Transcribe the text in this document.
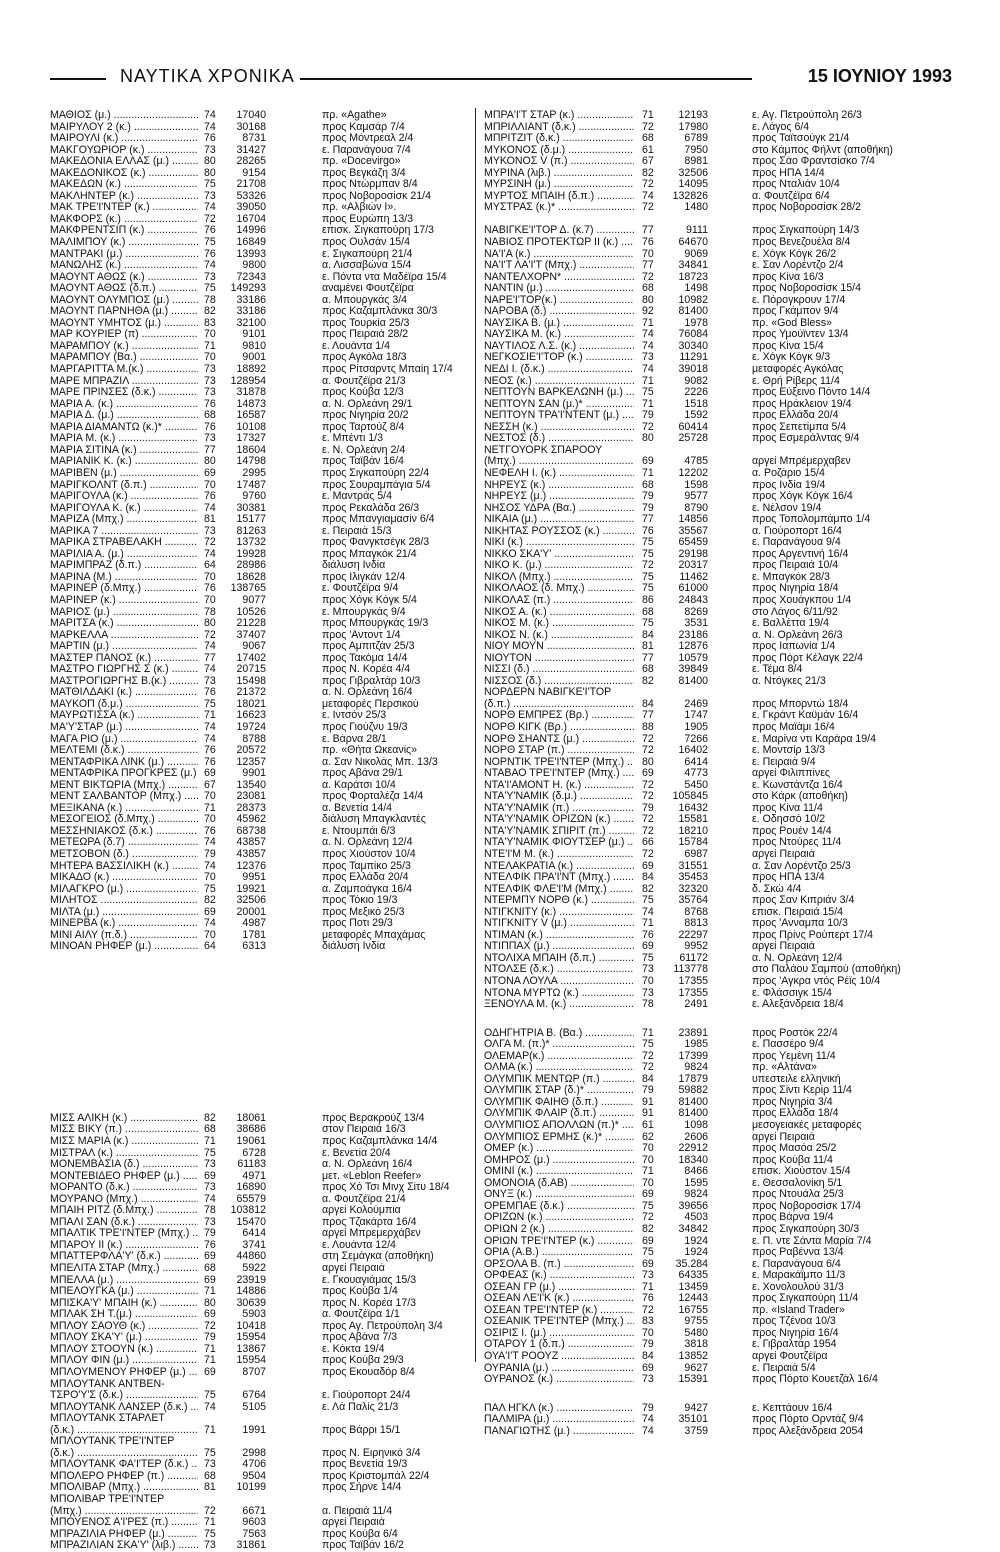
ΝΑΥΤΙΚΑ ΧΡΟΝΙΚΑ	15 ΙΟΥΝΙΟΥ 1993
ΜΑΘΙΟΣ (μ.) .....	74	17040	πρ. «Agathe»
ΜΑΙΡΥΛΟΥ 2 (κ.) .....	74	30168	προς Καμσάρ 7/4
ΜΑΙΡΟΥΛΙ (κ.) .....	76	8731	προς Μόντρεαλ 2/4
ΜΑΚΓΟΥΩΡΙΟΡ (κ.) .....	73	31427	ε. Παρανάγουα 7/4
ΜΑΚΕΔΟΝΙΑ ΕΛΛΑΣ (μ.) .....	80	28265	πρ. «Docevirgo»
ΜΑΚΕΔΟΝΙΚΟΣ (κ.) .....	80	9154	προς Βεγκάζη 3/4
ΜΑΚΕΔΩΝ (κ.) .....	75	21708	προς Ντώρμπαν 8/4
ΜΑΚΛΗΝΤΕΡ (κ.) .....	73	53326	προς Νοβοροσίσκ 21/4
ΜΑΚ ΤΡΕ'Ι'ΝΤΕΡ (κ.) .....	74	39050	πρ. «Αλβιών Ι».
ΜΑΚΦΟΡΣ (κ.) .....	72	16704	προς Ευρώπη 13/3
ΜΑΚΦΡΕΝΤΣΙΠ (κ.) .....	76	14996	επισκ. Σιγκαπούρη 17/3
ΜΑΛΙΜΠΟΥ (κ.) .....	75	16849	προς Ουλσάν 15/4
ΜΑΝΤΡΑΚΙ (μ.) .....	76	13993	ε. Σιγκαπούρη 21/4
ΜΑΝΩΛΗΣ (κ.) .....	74	9800	α. Λισσαβώνα 15/4
ΜΑΟΥΝΤ ΑΘΩΣ (κ.) .....	73	72343	ε. Πόντα ντα Μαδέϊρα 15/4
ΜΑΟΥΝΤ ΑΘΩΣ (δ.π.) .....	75	149293	αναμένει Φουτζέϊρα
ΜΑΟΥΝΤ ΟΛΥΜΠΟΣ (μ.) .....	78	33186	α. Μπουργκάς 3/4
ΜΑΟΥΝΤ ΠΑΡΝΗΘΑ (μ.) .....	82	33186	προς Καζαμπλάνκα 30/3
ΜΑΟΥΝΤ ΥΜΗΤΟΣ (μ.) .....	83	32100	προς Τουρκία 25/3
ΜΑΡ ΚΟΥΡΙΕΡ (π) .....	70	9101	προς Πειραιά 28/2
ΜΑΡΑΜΠΟΥ (κ.) .....	71	9810	ε. Λουάντα 1/4
ΜΑΡΑΜΠΟΥ (Βα.) .....	70	9001	προς Αγκόλα 18/3
ΜΑΡΓΑΡΙΤΤΑ Μ.(κ.) .....	73	18892	προς Ρίτσαρντς Μπαίη 17/4
ΜΑΡΕ ΜΠΡΑΖΙΛ .....	73	128954	α. Φουτζέϊρα 21/3
ΜΑΡΕ ΠΡΙΝΣΕΣ (δ.κ.) .....	73	31878	προς Κούβα 12/3
ΜΑΡΙΑ Α. (κ.) .....	76	14873	α. Ν. Ορλεάνη 29/1
ΜΑΡΙΑ Δ. (μ.) .....	68	16587	προς Νιγηρία 20/2
ΜΑΡΙΑ ΔΙΑΜΑΝΤΩ (κ.)* .....	76	10108	προς Ταρτούζ 8/4
ΜΑΡΙΑ Μ. (κ.) .....	73	17327	ε. Μπέντι 1/3
ΜΑΡΙΑ ΣΙΤΙΝΑ (κ.) .....	77	18604	ε. Ν. Ορλεάνη 2/4
ΜΑΡΙΑΝΙΚ Κ. (κ.) .....	80	14798	προς Ταϊβάν 16/4
ΜΑΡΙΒΕΝ (μ.) .....	69	2995	προς Σιγκαπούρη 22/4
ΜΑΡΙΓΚΟΛΝΤ (δ.π.) .....	70	17487	προς Σουραμπάγια 5/4
ΜΑΡΙΓΟΥΛΑ (κ.) .....	76	9760	ε. Μαντράς 5/4
ΜΑΡΙΓΟΥΛΑ Κ. (κ.) .....	74	30381	προς Ρεκαλάδα 26/3
ΜΑΡΙΖΑ (Μπχ.) .....	81	15177	προς Μπανγιαμασίν 6/4
ΜΑΡΙΚΑ 7 .....	73	81263	ε. Πειραιά 15/3
ΜΑΡΙΚΑ ΣΤΡΑΒΕΛΑΚΗ .....	72	13732	προς Φανγκτσέγκ 28/3
ΜΑΡΙΛΙΑ Α. (μ.) .....	74	19928	προς Μπαγκόκ 21/4
ΜΑΡΙΜΠΡΑΖ (δ.π.) .....	64	28986	διάλυση Ινδία
ΜΑΡΙΝΑ (Μ.) .....	70	18628	προς Ιλιγκάν 12/4
ΜΑΡΙΝΕΡ (δ.Μπχ.) .....	76	138765	ε. Φουτζέϊρα 9/4
ΜΑΡΙΝΕΡ (κ.) .....	70	9077	προς Χόγκ Κόγκ 5/4
ΜΑΡΙΟΣ (μ.) .....	78	10526	ε. Μπουργκάς 9/4
ΜΑΡΙΤΣΑ (κ.) .....	80	21228	προς Μπουργκάς 19/3
ΜΑΡΚΕΛΛΑ .....	72	37407	προς 'Αντοντ 1/4
ΜΑΡΤΙΝ (μ.) .....	74	9067	προς Αμπιτζάν 25/3
ΜΑΣΤΕΡ ΠΑΝΟΣ (κ.) .....	77	17402	προς Τακόμα 14/4
ΜΑΣΤΡΟ ΓΙΩΡΓΗΣ Σ (κ.) .....	74	20715	προς Ν. Κορέα 4/4
ΜΑΣΤΡΟΓΙΩΡΓΗΣ Β.(κ.) .....	73	15498	προς Γιβραλτάρ 10/3
ΜΑΤΘΙΛΔΑΚΙ (κ.) .....	76	21372	α. Ν. Ορλεάνη 16/4
ΜΑΥΚΟΠ (δ.μ.) .....	75	18021	μεταφορές Περσικού
ΜΑΥΡΩΤΙΣΣΑ (κ.) .....	71	16623	ε. Ιντσόν 25/3
ΜΑ'Υ'ΣΤΑΡ (μ.) .....	74	19724	προς Γιούζνυ 19/3
ΜΑΓΑ ΡΙΟ (μ.) .....	74	8788	ε. Βάρνα 28/1
ΜΕΛΤΕΜΙ (δ.κ.) .....	76	20572	πρ. «Θήτα Ωκεανίς»
ΜΕΝΤΑΦΡΙΚΑ ΛΙΝΚ (μ.) .....	76	12357	α. Σαν Νικολάς Μπ. 13/3
ΜΕΝΤΑΦΡΙΚΑ ΠΡΟΓΚΡΕΣ (μ.) ..... 69	9901	προς Αβάνα 29/1
ΜΕΝΤ ΒΙΚΤΩΡΙΑ (Μπχ.) .....	67	13540	α. Καράτσι 10/4
ΜΕΝΤ ΣΑΛΒΑΝΤΟΡ (Μπχ.) .....	70	23081	προς Φορταλέζα 14/4
ΜΕΞΙΚΑΝΑ (κ.) .....	71	28373	α. Βενετία 14/4
ΜΕΣΟΓΕΙΟΣ (δ.Μπχ.) .....	70	45962	διάλυση Μπαγκλαντές
ΜΕΣΣΗΝΙΑΚΟΣ (δ.κ.) .....	76	68738	ε. Ντουμπάι 6/3
ΜΕΤΕΩΡΑ (δ.7) .....	74	43857	α. Ν. Ορλεάνη 12/4
ΜΕΤΣΟΒΟΝ (δ.) .....	79	43857	προς Χιούστον 10/4
ΜΗΤΕΡΑ ΒΑΣΣΙΛΙΚΗ (κ.) .....	74	12376	προς Ταμπίκο 25/3
ΜΙΚΑΔΟ (κ.) .....	70	9951	προς Ελλάδα 20/4
ΜΙΛΑΓΚΡΟ (μ.) .....	75	19921	α. Ζαμποάγκα 16/4
ΜΙΛΗΤΟΣ .....	82	32506	προς Τόκιο 19/3
ΜΙΛΤΑ (μ.) .....	69	20001	προς Μεξικό 25/3
ΜΙΝΕΡΒΑ (κ.) .....	74	4987	προς Ποτι 29/3
ΜΙΝΙ ΑΙΛΥ (π.δ.) .....	70	1781	μεταφορές Μπαχάμας
ΜΙΝΟΑΝ ΡΗΦΕΡ (μ.) .....	64	6313	διάλυση Ινδία
ΜΙΣΣ ΑΛΙΚΗ (κ.) .....	82	18061	προς Βερακρούζ 13/4
ΜΙΣΣ ΒΙΚΥ (π.) .....	68	38686	στον Πειραιά 16/3
ΜΙΣΣ ΜΑΡΙΑ (κ.) .....	71	19061	προς Καζαμπλάνκα 14/4
ΜΙΣΤΡΑΛ (κ.) .....	75	6728	ε. Βενετία 20/4
ΜΟΝΕΜΒΑΣΙΑ (δ.) .....	73	61183	α. Ν. Ορλεάνη 16/4
ΜΟΝΤΕΒΙΔΕΟ ΡΗΦΕΡ (μ.) .....	69	4971	μετ. «Leblon Reefer»
ΜΟΡΑΝΤΟ (δ.κ.) .....	73	16890	προς Χό Τσι Μινχ Σίτυ 18/4
ΜΟΥΡΑΝΟ (Μπχ.) .....	74	65579	α. Φουτζέϊρα 21/4
ΜΠΑΙΗ ΡΙΤΖ (δ.Μπχ.) .....	78	103812	αργεί Κολούμπια
ΜΠΑΛΙ ΣΑΝ (δ.κ.) .....	73	15470	προς Τζακάρτα 16/4
ΜΠΑΛΤΙΚ ΤΡΕ'Ι'ΝΤΕΡ (Μπχ.) .....	79	6414	αργεί Μπρεμερχάβεν
ΜΠΑΡΟΥ ΙΙ (κ.) .....	76	3741	ε. Λουάντα 12/4
ΜΠΑΤΤΕΡΦΛΑ'Υ' (δ.κ.) .....	69	44860	στη Σεμάγκα (αποθήκη)
ΜΠΕΛΙΤΑ ΣΤΑΡ (Μπχ.) .....	68	5922	αργεί Πειραιά
ΜΠΕΛΛΑ (μ.) .....	69	23919	ε. Γκουαγιάμας 15/3
ΜΠΕΛΟΥΓΚΑ (μ.) .....	71	14886	προς Κούβα 1/4
ΜΠΙΣΚΑ'Υ' ΜΠΑΙΗ (κ.) .....	80	30639	προς Ν. Κορέα 17/3
ΜΠΛΑΚ ΣΗ Τ.(μ.) .....	69	5903	α. Φουτζέϊρα 1/1
ΜΠΛΟΥ ΣΑΟΥΘ (κ.) .....	72	10418	προς Αγ. Πετρούπολη 3/4
ΜΠΛΟΥ ΣΚΑ'Υ' (μ.) .....	79	15954	προς Αβάνα 7/3
ΜΠΛΟΥ ΣΤΟΟΥΝ (κ.) .....	71	13867	ε. Κόκτα 19/4
ΜΠΛΟΥ ΦΙΝ (μ.) .....	71	15954	προς Κούβα 29/3
ΜΠΛΟΥΜΕΝΟΥ ΡΗΦΕΡ (μ.) .....	69	8707	προς Εκουαδόρ 8/4
ΜΠΛΟΥΤΑΝΚ ΑΝΤΒΕΝ-
ΤΣΡΟ'Υ'Σ (δ.κ.) .....	75	6764	ε. Γιούροπορτ 24/4
ΜΠΛΟΥΤΑΝΚ ΛΑΝΣΕΡ (δ.κ.) .....	74	5105	ε. Λά Παλίς 21/3
ΜΠΛΟΥΤΑΝΚ ΣΤΑΡΛΕΤ
(δ.κ.) .....	71	1991	προς Βάρρι 15/1
ΜΠΛΟΥΤΑΝΚ ΤΡΕ'Ι'ΝΤΕΡ
(δ.κ.) .....	75	2998	προς Ν. Ειρηνικό 3/4
ΜΠΛΟΥΤΑΝΚ ΦΑ'Ι'ΤΕΡ (δ.κ.) .....	73	4706	προς Βενετία 19/3
ΜΠΟΛΕΡΟ ΡΗΦΕΡ (π.) .....	68	9504	προς Κριστομπάλ 22/4
ΜΠΟΛΙΒΑΡ (Μπχ.) .....	81	10199	προς Σήρνε 14/4
ΜΠΟΛΙΒΑΡ ΤΡΕ'Ι'ΝΤΕΡ
(Μπχ.) .....	72	6671	α. Πειραιά 11/4
ΜΠΟΥΕΝΟΣ Α'Ι'ΡΕΣ (π.) .....	71	9603	αργεί Πειραιά
ΜΠΡΑΖΙΛΙΑ ΡΗΦΕΡ (μ.) .....	75	7563	προς Κούβα 6/4
ΜΠΡΑΖΙΛΙΑΝ ΣΚΑ'Υ' (λιβ.) .....	73	31861	προς Ταϊβάν 16/2
ΜΠΡΑ'Ι'Τ ΣΤΑΡ (κ.) .....	71	12193	ε. Αγ. Πετρούπολη 26/3
ΜΠΡΙΛΛΙΑΝΤ (δ.κ.) .....	72	17980	ε. Λάγος 6/4
ΜΠΡΙΤΖΙΤ (δ.κ.) .....	68	6789	προς Ταϊτσούγκ 21/4
ΜΥΚΟΝΟΣ (δ.μ.) .....	61	7950	στο Κάμπος Φήλντ (αποθήκη)
ΜΥΚΟΝΟΣ V (π.) .....	67	8981	προς Σάο Φραντσίσκο 7/4
ΜΥΡΙΝΑ (λιβ.) .....	82	32506	προς ΗΠΑ 14/4
ΜΥΡΣΙΝΗ (μ.) .....	72	14095	προς Νταλιάν 10/4
ΜΥΡΤΟΣ ΜΠΑΙΗ (δ.π.) .....	74	132826	α. Φουτζέϊρα 6/4
ΜΥΣΤΡΑΣ (κ.)* .....	72	1480	προς Νοβοροσίσκ 28/2
ΝΑΒΙΓΚΕ'Ι'ΤΟΡ Δ. (κ.7) .....	77	9111	προς Σιγκαπούρη 14/3
ΝΑΒΙΟΣ ΠΡΟΤΕΚΤΩΡ ΙΙ (κ.) .....	76	64670	προς Βενεζουέλα 8/4
ΝΑ'Ι'Α (κ.) .....	70	9069	ε. Χόγκ Κόγκ 26/2
ΝΑ'Ι'Τ ΛΑ'Ι'Τ (Μπχ.) .....	77	34841	ε. Σαν Λορέντζο 2/4
ΝΑΝΤΕΛΧΟΡΝ* .....	72	18723	προς Κίνα 16/3
ΝΑΝΤΙΝ (μ.) .....	68	1498	προς Νοβοροσίσκ 15/4
ΝΑΡΕ'Ι'ΤΟΡ(κ.) .....	80	10982	ε. Πόρογκρουν 17/4
ΝΑΡΟΒΑ (δ.) .....	92	81400	προς Γκάμπον 9/4
ΝΑΥΣΙΚΑ Β. (μ.) .....	71	1978	πρ. «God Bless»
ΝΑΥΣΙΚΑ Μ. (κ.) .....	74	76084	προς Υμούϊντεν 13/4
ΝΑΥΤΙΛΟΣ Λ.Σ. (κ.) .....	74	30340	προς Κίνα 15/4
ΝΕΓΚΟΣΙΕ'Ι'ΤΟΡ (κ.) .....	73	11291	ε. Χόγκ Κόγκ 9/3
ΝΕΔΙ Ι. (δ.κ.) .....	74	39018	μεταφορές Αγκόλας
ΝΕΟΣ (κ.) .....	71	9082	ε. Θρή Ρίβερς 11/4
ΝΕΠΤΟΥΝ ΒΑΡΚΕΛΩΝΗ (μ.) .....	75	2226	προς Εύξεινο Πόντο 14/4
ΝΕΠΤΟΥΝ ΣΑΝ (μ.)* .....	71	1518	προς Ηράκλειον 19/4
ΝΕΠΤΟΥΝ ΤΡΑ'Ι'ΝΤΕΝΤ (μ.) .....	79	1592	προς Ελλάδα 20/4
ΝΕΣΣΗ (κ.) .....	72	60414	προς Σεπετίμπα 5/4
ΝΕΣΤΟΣ (δ.) .....	80	25728	προς Εσμεράλντας 9/4
ΝΕΤΓΟΥΟΡΚ ΣΠΑΡΟΟΥ
(Μπχ.) .....	69	4785	αργεί Μπρέμερχαβεν
ΝΕΦΕΛΗ Ι. (κ.) .....	71	12202	α. Ροζάριο 15/4
ΝΗΡΕΥΣ (κ.) .....	68	1598	προς Ινδία 19/4
ΝΗΡΕΥΣ (μ.) .....	79	9577	προς Χόγκ Κόγκ 16/4
ΝΗΣΟΣ ΥΔΡΑ (Βα.) .....	79	8790	ε. Νέλσον 19/4
ΝΙΚΑΙΑ (μ.) .....	77	14856	προς Τοπολομπάμπο 1/4
ΝΙΚΗΤΑΣ ΡΟΥΣΣΟΣ (κ.) .....	76	35567	α. Γιούροπορτ 16/4
ΝΙΚΙ (κ.) .....	75	65459	ε. Παρανάγουα 9/4
ΝΙΚΚΟ ΣΚΑ'Υ' .....	75	29198	προς Αργεντινή 16/4
ΝΙΚΟ Κ. (μ.) .....	72	20317	προς Πειραιά 10/4
ΝΙΚΟΛ (Μπχ.) .....	75	11462	ε. Μπαγκόκ 28/3
ΝΙΚΟΛΑΟΣ (δ. Μπχ.) .....	75	61000	προς Νιγηρία 18/4
ΝΙΚΟΛΑΣ (π.) .....	86	24843	προς Χουάγκπου 1/4
ΝΙΚΟΣ Α. (κ.) .....	68	8269	στο Λάγος 6/11/92
ΝΙΚΟΣ Μ. (κ.) .....	75	3531	ε. Βαλλέττα 19/4
ΝΙΚΟΣ Ν. (κ.) .....	84	23186	α. Ν. Ορλεάνη 26/3
ΝΙΟΥ ΜΟΥΝ .....	81	12876	προς Ιαπωνία 1/4
ΝΙΟΥΤΟΝ .....	77	10579	προς Πόρτ Κέλαγκ 22/4
ΝΙΣΣΙ (δ.) .....	68	39849	ε. Τέμα 8/4
ΝΙΣΣΟΣ (δ.) .....	82	81400	α. Ντόγκες 21/3
ΝΟΡΔΕΡΝ ΝΑΒΙΓΚΕ'Ι'ΤΟΡ
(δ.π.) .....	84	2469	προς Μπορντώ 18/4
ΝΟΡΘ ΕΜΠΡΕΣ (Βρ.) .....	77	1747	ε. Γκράντ Καϋμάν 16/4
ΝΟΡΘ ΚΙΓΚ (Βρ.) .....	88	1905	προς Μαϊάμι 16/4
ΝΟΡΘ ΣΗΑΝΤΣ (μ.) .....	72	7266	ε. Μαρίνα ντι Καράρα 19/4
ΝΟΡΘ ΣΤΑΡ (π.) .....	72	16402	ε. Μοντσίρ 13/3
ΝΟΡΝΤΙΚ ΤΡΕ'Ι'ΝΤΕΡ (Μπχ.) .....	80	6414	ε. Πειραιά 9/4
ΝΤΑΒΑΟ ΤΡΕ'Ι'ΝΤΕΡ (Μπχ.) .....	69	4773	αργεί Φιλιππίνες
ΝΤΑ'Ι'ΑΜΟΝΤ Η. (κ.) .....	72	5450	ε. Κωνστάντζα 16/4
ΝΤΑ'Υ'ΝΑΜΙΚ (δ.μ.) .....	72	105845	στο Κάρκ (αποθήκη)
ΝΤΑ'Υ'ΝΑΜΙΚ (π.) .....	79	16432	προς Κίνα 11/4
ΝΤΑ'Υ'ΝΑΜΙΚ ΟΡΙΖΩΝ (κ.) .....	72	15581	ε. Οδησσό 10/2
ΝΤΑ'Υ'ΝΑΜΙΚ ΣΠΙΡΙΤ (π.) .....	72	18210	προς Ρουέν 14/4
ΝΤΑ'Υ'ΝΑΜΙΚ ΦΙΟΥΤΣΕΡ (μ.) .....	66	15784	προς Ντούρες 11/4
ΝΤΕ'Ι'Μ Μ. (κ.) .....	72	6987	αργεί Πειραιά
ΝΤΕΛΑΚΡΑΤΙΑ (κ.) .....	69	31551	α. Σαν Λορέντζο 25/3
ΝΤΕΛΦΙΚ ΠΡΑ'Ι'ΝΤ (Μπχ.) .....	84	35453	προς ΗΠΑ 13/4
ΝΤΕΛΦΙΚ ΦΛΕ'Ι'Μ (Μπχ.) .....	82	32320	δ. Σκώ 4/4
ΝΤΕΡΜΠΥ ΝΟΡΘ (κ.) .....	75	35764	προς Σαν Κιπριάν 3/4
ΝΤΙΓΚΝΙΤΥ (κ.) .....	74	8768	επισκ. Πειραιά 15/4
ΝΤΙΓΚΝΙΤΥ V (μ.) .....	71	8813	προς 'Ανναμπα 10/3
ΝΤΙΜΑΝ (κ.) .....	76	22297	προς Πρίνς Ρούπερτ 17/4
ΝΤΙΠΠΑΧ (μ.) .....	69	9952	αργεί Πειραιά
ΝΤΟΛΙΧΑ ΜΠΑΙΗ (δ.π.) .....	75	61172	α. Ν. Ορλεάνη 12/4
ΝΤΟΛΣΕ (δ.κ.) .....	73	113778	στο Παλάου Σαμπού (αποθήκη)
ΝΤΟΝΑ ΛΟΥΛΑ .....	70	17355	προς 'Αγκρα ντός Ρέϊς 10/4
ΝΤΟΝΑ ΜΥΡΤΩ (κ.) .....	73	17355	ε. Φλάσσιγκ 15/4
ΞΕΝΟΥΛΑ Μ. (κ.) .....	78	2491	ε. Αλεξάνδρεια 18/4
ΟΔΗΓΗΤΡΙΑ Β. (Βα.) .....	71	23891	προς Ροστόκ 22/4
ΟΛΓΑ Μ. (π.)* .....	75	1985	ε. Πασσέρο 9/4
ΟΛΕΜΑΡ(κ.) .....	72	17399	προς Υεμένη 11/4
ΟΛΜΑ (κ.) .....	72	9824	πρ. «Αλτάνα»
ΟΛΥΜΠΙΚ ΜΕΝΤΩΡ (π.) .....	84	17879	υπεστειλε ελληνική
ΟΛΥΜΠΙΚ ΣΤΑΡ (δ.)* .....	79	59882	προς Σίντι Κερίρ 11/4
ΟΛΥΜΠΙΚ ΦΑΙΗΘ (δ.π.) .....	91	81400	προς Νιγηρία 3/4
ΟΛΥΜΠΙΚ ΦΛΑΙΡ (δ.π.) .....	91	81400	προς Ελλάδα 18/4
ΟΛΥΜΠΙΟΣ ΑΠΟΛΛΩΝ (π.)* .....	61	1098	μεσογειακές μεταφορές
ΟΛΥΜΠΙΟΣ ΕΡΜΗΣ (κ.)* .....	62	2606	αργεί Πειραιά
ΟΜΕΡ (κ.) .....	70	22912	προς Μασόα 25/2
ΟΜΗΡΟΣ (μ.) .....	70	18340	προς Κούβα 11/4
ΟΜΙΝΙ (κ.) .....	71	8466	επισκ. Χιούστον 15/4
ΟΜΟΝΟΙΑ (δ.ΑΒ) .....	70	1595	ε. Θεσσαλονίκη 5/1
ΟΝΥΞ (κ.) .....	69	9824	προς Ντουάλα 25/3
ΟΡΕΜΠΑΕ (δ.κ.) .....	75	39656	προς Νοβοροσίσκ 17/4
ΟΡΙΖΩΝ (κ.) .....	72	4503	προς Βάρνα 19/4
ΟΡΙΩΝ 2 (κ.) .....	82	34842	προς Σιγκαπούρη 30/3
ΟΡΙΩΝ ΤΡΕ'Ι'ΝΤΕΡ (κ.) .....	69	1924	ε. Π. ντε Σάντα Μαρία 7/4
ΟΡΙΑ (Α.Β.) .....	75	1924	προς Ραβέννα 13/4
ΟΡΣΟΛΑ Β. (π.) .....	69	35.284	ε. Παρανάγουα 6/4
ΟΡΦΕΑΣ (κ.) .....	73	64335	ε. Μαρακάϊμπο 11/3
ΟΣΕΑΝ ΓΡ (μ.) .....	71	13459	ε. Χονολουλού 31/3
ΟΣΕΑΝ ΛΕ'Ι'Κ (κ.) .....	76	12443	προς Σιγκαπούρη 11/4
ΟΣΕΑΝ ΤΡΕ'Ι'ΝΤΕΡ (κ.) .....	72	16755	πρ. «Island Trader»
ΟΣΕΑΝΙΚ ΤΡΕ'Ι'ΝΤΕΡ (Μπχ.) .....	83	9755	προς Τζένοα 10/3
ΟΣΙΡΙΣ Ι. (μ.) .....	70	5480	προς Νιγηρία 16/4
ΟΤΑΡΟΥ 1 (δ.π.) .....	79	3818	ε. Γιβραλτάρ 1954
ΟΥΑ'Ι'Τ ΡΟΟΥΖ .....	84	13852	αργεί Φουτζέϊρα
ΟΥΡΑΝΙΑ (μ.) .....	69	9627	ε. Πειραιά 5/4
ΟΥΡΑΝΟΣ (κ.) .....	73	15391	προς Πόρτο Κουετζάλ 16/4
ΠΑΛ ΗΓΚΛ (κ.) .....	79	9427	ε. Κεπτάουν 16/4
ΠΑΛΜΙΡΑ (μ.) .....	74	35101	προς Πόρτο Ορντάζ 9/4
ΠΑΝΑΓΙΩΤΗΣ (μ.) .....	74	3759	προς Αλεξάνδρεια 2054
